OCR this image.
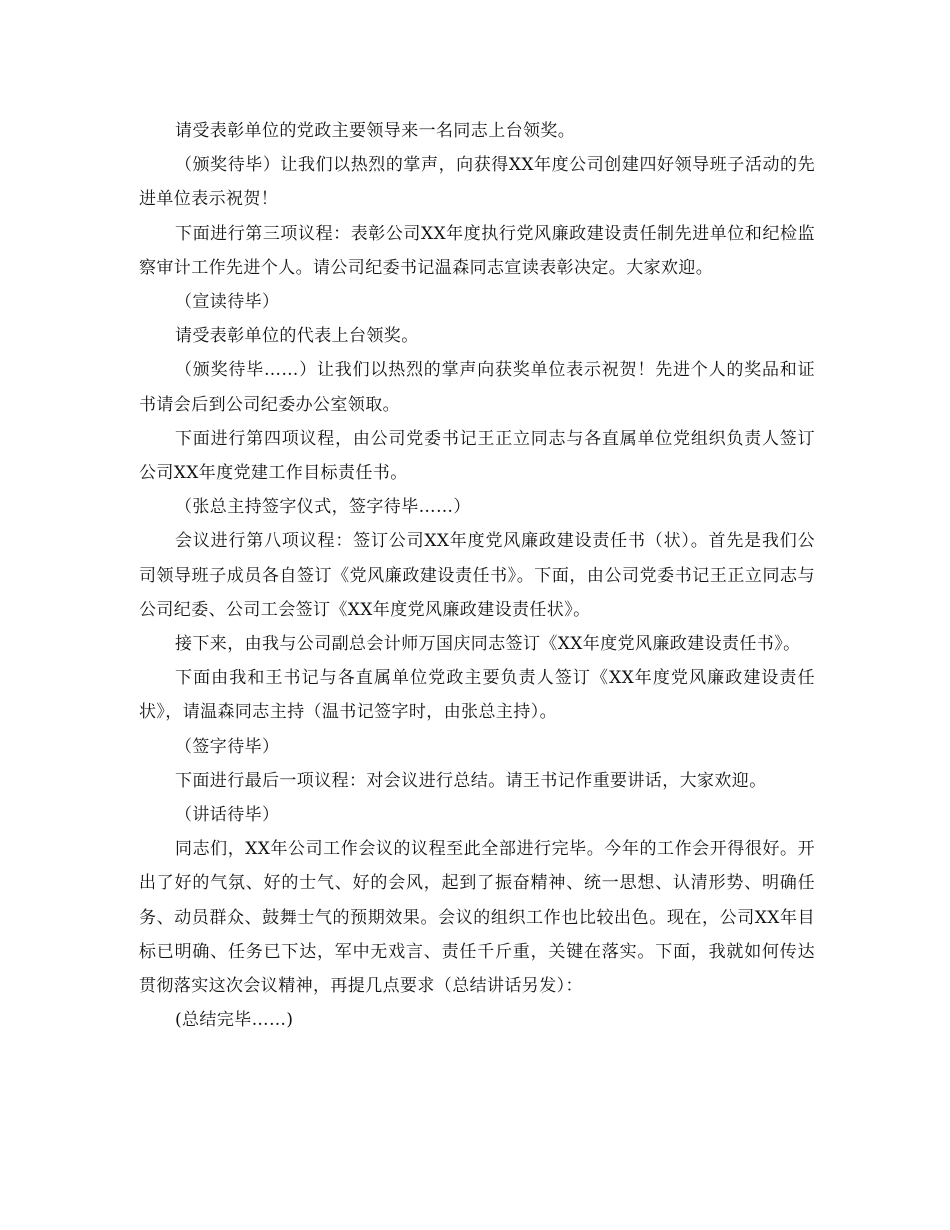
请受表彰单位的党政主要领导来一名同志上台领奖。

（颁奖待毕）让我们以热烈的掌声，向获得XX年度公司创建四好领导班子活动的先进单位表示祝贺！

下面进行第三项议程：表彰公司XX年度执行党风廉政建设责任制先进单位和纪检监察审计工作先进个人。请公司纪委书记温森同志宣读表彰决定。大家欢迎。

（宣读待毕）

请受表彰单位的代表上台领奖。

（颁奖待毕……）让我们以热烈的掌声向获奖单位表示祝贺！先进个人的奖品和证书请会后到公司纪委办公室领取。

下面进行第四项议程，由公司党委书记王正立同志与各直属单位党组织负责人签订公司XX年度党建工作目标责任书。

（张总主持签字仪式，签字待毕……）

会议进行第八项议程：签订公司XX年度党风廉政建设责任书（状）。首先是我们公司领导班子成员各自签订《党风廉政建设责任书》。下面，由公司党委书记王正立同志与公司纪委、公司工会签订《XX年度党风廉政建设责任状》。

接下来，由我与公司副总会计师万国庆同志签订《XX年度党风廉政建设责任书》。

下面由我和王书记与各直属单位党政主要负责人签订《XX年度党风廉政建设责任状》，请温森同志主持（温书记签字时，由张总主持）。

（签字待毕）

下面进行最后一项议程：对会议进行总结。请王书记作重要讲话，大家欢迎。

（讲话待毕）

同志们，XX年公司工作会议的议程至此全部进行完毕。今年的工作会开得很好。开出了好的气氛、好的士气、好的会风，起到了振奋精神、统一思想、认清形势、明确任务、动员群众、鼓舞士气的预期效果。会议的组织工作也比较出色。现在，公司XX年目标已明确、任务已下达，军中无戏言、责任千斤重，关键在落实。下面，我就如何传达贯彻落实这次会议精神，再提几点要求（总结讲话另发）：

(总结完毕……)
